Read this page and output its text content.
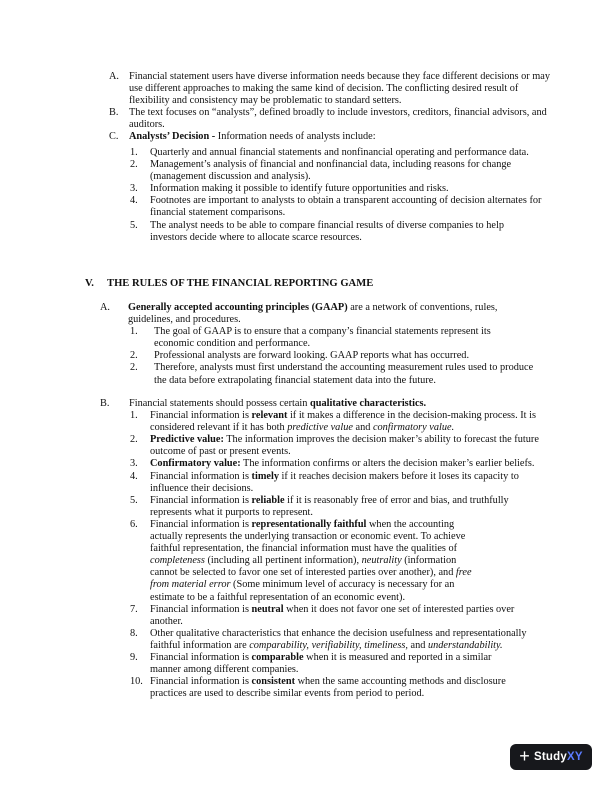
A. Financial statement users have diverse information needs because they face different decisions or may use different approaches to making the same kind of decision. The conflicting desired result of flexibility and consistency may be problematic to standard setters.
B. The text focuses on “analysts”, defined broadly to include investors, creditors, financial advisors, and auditors.
C. Analysts’ Decision - Information needs of analysts include:
1. Quarterly and annual financial statements and nonfinancial operating and performance data.
2. Management’s analysis of financial and nonfinancial data, including reasons for change (management discussion and analysis).
3. Information making it possible to identify future opportunities and risks.
4. Footnotes are important to analysts to obtain a transparent accounting of decision alternates for financial statement comparisons.
5. The analyst needs to be able to compare financial results of diverse companies to help investors decide where to allocate scarce resources.
V. THE RULES OF THE FINANCIAL REPORTING GAME
A. Generally accepted accounting principles (GAAP) are a network of conventions, rules, guidelines, and procedures.
1. The goal of GAAP is to ensure that a company’s financial statements represent its economic condition and performance.
2. Professional analysts are forward looking. GAAP reports what has occurred.
2. Therefore, analysts must first understand the accounting measurement rules used to produce the data before extrapolating financial statement data into the future.
B. Financial statements should possess certain qualitative characteristics.
1. Financial information is relevant if it makes a difference in the decision-making process. It is considered relevant if it has both predictive value and confirmatory value.
2. Predictive value: The information improves the decision maker’s ability to forecast the future outcome of past or present events.
3. Confirmatory value: The information confirms or alters the decision maker’s earlier beliefs.
4. Financial information is timely if it reaches decision makers before it loses its capacity to influence their decisions.
5. Financial information is reliable if it is reasonably free of error and bias, and truthfully represents what it purports to represent.
6. Financial information is representationally faithful when the accounting
actually represents the underlying transaction or economic event. To achieve
faithful representation, the financial information must have the qualities of
completeness (including all pertinent information), neutrality (information
cannot be selected to favor one set of interested parties over another), and free
from material error (Some minimum level of accuracy is necessary for an
estimate to be a faithful representation of an economic event).
7. Financial information is neutral when it does not favor one set of interested parties over another.
8. Other qualitative characteristics that enhance the decision usefulness and representationally faithful information are comparability, verifiability, timeliness, and understandability.
9. Financial information is comparable when it is measured and reported in a similar manner among different companies.
10. Financial information is consistent when the same accounting methods and disclosure practices are used to describe similar events from period to period.
+ Study XY
